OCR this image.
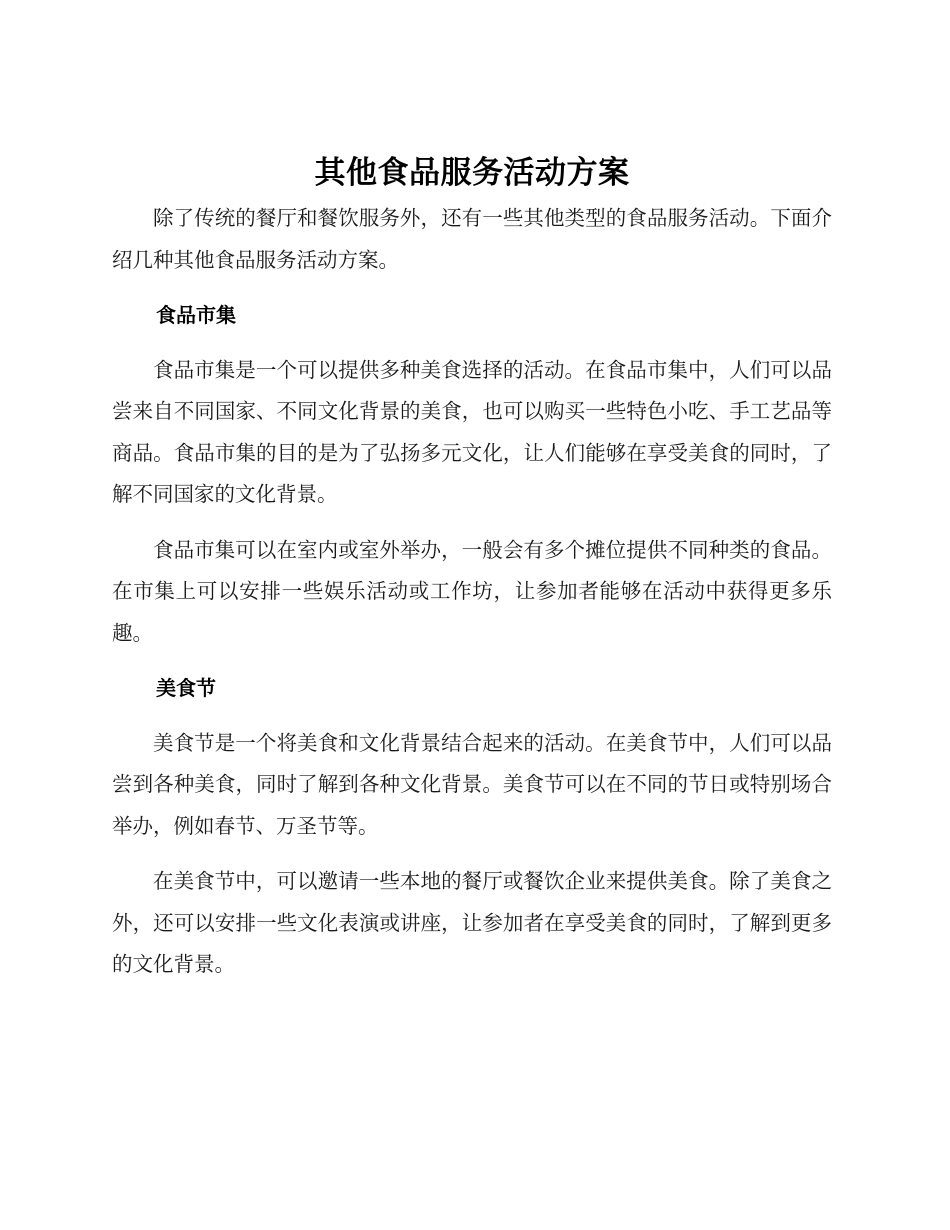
其他食品服务活动方案

除了传统的餐厅和餐饮服务外，还有一些其他类型的食品服务活动。下面介绍几种其他食品服务活动方案。

食品市集

食品市集是一个可以提供多种美食选择的活动。在食品市集中，人们可以品尝来自不同国家、不同文化背景的美食，也可以购买一些特色小吃、手工艺品等商品。食品市集的目的是为了弘扬多元文化，让人们能够在享受美食的同时，了解不同国家的文化背景。

食品市集可以在室内或室外举办，一般会有多个摊位提供不同种类的食品。在市集上可以安排一些娱乐活动或工作坊，让参加者能够在活动中获得更多乐趣。

美食节

美食节是一个将美食和文化背景结合起来的活动。在美食节中，人们可以品尝到各种美食，同时了解到各种文化背景。美食节可以在不同的节日或特别场合举办，例如春节、万圣节等。

在美食节中，可以邀请一些本地的餐厅或餐饮企业来提供美食。除了美食之外，还可以安排一些文化表演或讲座，让参加者在享受美食的同时，了解到更多的文化背景。
